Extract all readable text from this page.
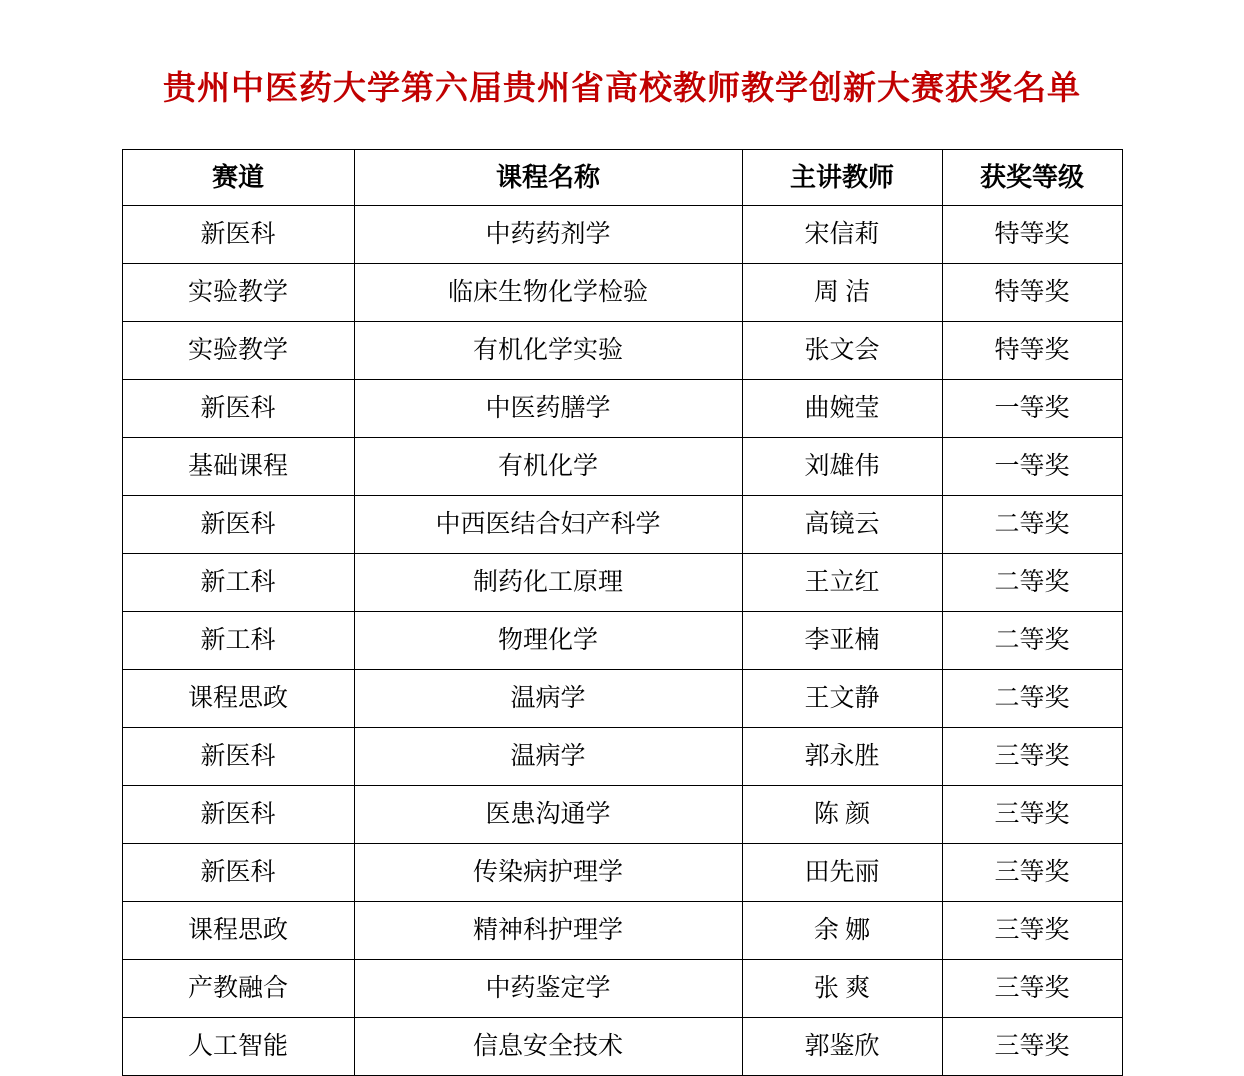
贵州中医药大学第六届贵州省高校教师教学创新大赛获奖名单
赛道	课程名称	主讲教师	获奖等级
新医科	中药药剂学	宋信莉	特等奖
实验教学	临床生物化学检验	周 洁	特等奖
实验教学	有机化学实验	张文会	特等奖
新医科	中医药膳学	曲婉莹	一等奖
基础课程	有机化学	刘雄伟	一等奖
新医科	中西医结合妇产科学	高镜云	二等奖
新工科	制药化工原理	王立红	二等奖
新工科	物理化学	李亚楠	二等奖
课程思政	温病学	王文静	二等奖
新医科	温病学	郭永胜	三等奖
新医科	医患沟通学	陈 颜	三等奖
新医科	传染病护理学	田先丽	三等奖
课程思政	精神科护理学	余 娜	三等奖
产教融合	中药鉴定学	张 爽	三等奖
人工智能	信息安全技术	郭鉴欣	三等奖
